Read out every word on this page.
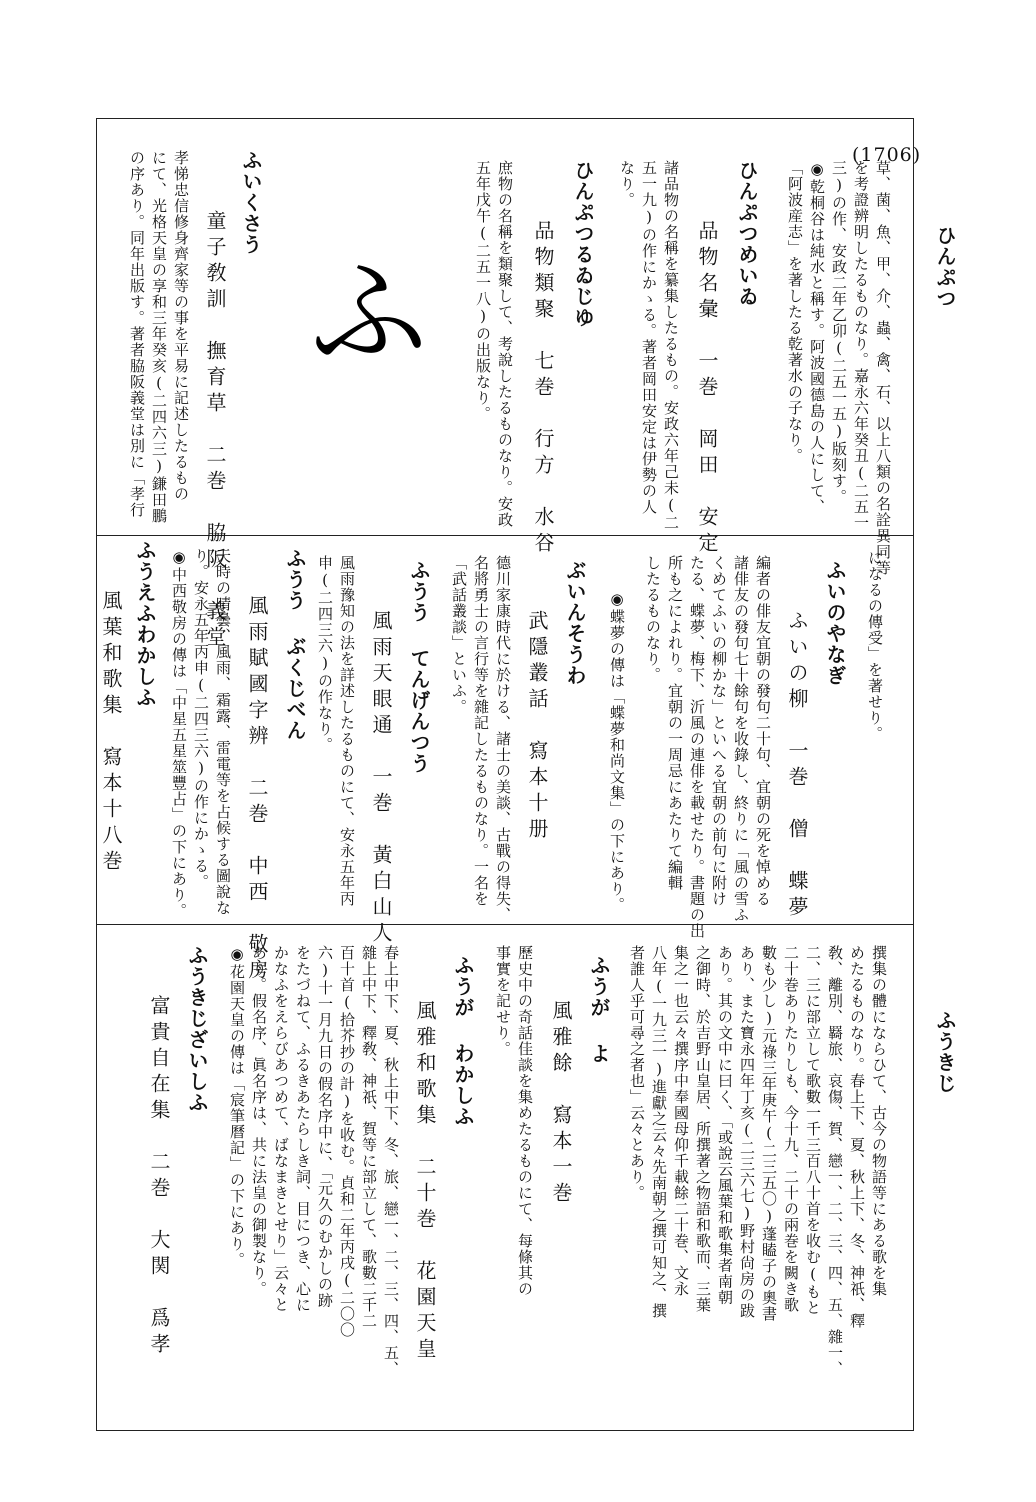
(1706)
ひんぷつ
ふうきじ
ふ	草、菌、魚、甲、介、蟲、禽、石、以上八類の名詮異同等
を考證辨明したるものなり。嘉永六年癸丑(二五一
三)の作、安政二年乙卯(二五一五)版刻す。
◉乾桐谷は純水と稱す。阿波國德島の人にして、
「阿波産志」を著したる乾著水の子なり。
ひんぷつめいゐ
品物名彙　一巻　岡田　安定
諸品物の名稱を纂集したるもの。安政六年己未(二
五一九)の作にかゝる。著者岡田安定は伊勢の人
なり。
ひんぷつるゐじゆ
品物類聚　七巻　行方　水谷
庶物の名稱を類聚して、考說したるものなり。安政
五年戊午(二五一八)の出版なり。
ふいくさう
童子敎訓　撫育草　二巻　脇阪　義堂
孝悌忠信修身齊家等の事を平易に記述したるもの
にて、光格天皇の享和三年癸亥(二四六三)鎌田鵬
の序あり。同年出版す。著者脇阪義堂は別に「孝行
になるの傳受」を著せり。
ふいのやなぎ
ふいの柳　一巻　僧　蝶夢
編者の俳友宜朝の發句二十句、宜朝の死を悼める
諸俳友の發句七十餘句を收錄し、終りに「風の雪ふ
くめてふいの柳かな」といへる宜朝の前句に附け
たる、蝶夢、梅下、沂風の連俳を載せたり。書題の出
所も之によれり。宜朝の一周忌にあたりて編輯
したるものなり。
◉蝶夢の傳は「蝶夢和尚文集」の下にあり。
ぶいんそうわ
武隱叢話　寫本十册
德川家康時代に於ける、諸士の美談、古戰の得失、
名將勇士の言行等を雜記したるものなり。一名を
「武話叢談」といふ。
ふうう てんげんつう
風雨天眼通　一巻　黃白山人
風雨豫知の法を詳述したるものにて、安永五年丙
申(二四三六)の作なり。
ふうう ぶくじべん
風雨賦國字辨　二巻　中西　敬房
天時の晴曇、風雨、霜露、雷電等を占候する圖說な
り。安永五年丙申(二四三六)の作にかゝる。
◉中西敬房の傳は「中星五星筮豐占」の下にあり。
ふうえふわかしふ
風葉和歌集　寫本十八巻
撰集の體にならひて、古今の物語等にある歌を集
めたるものなり。春上下、夏、秋上下、冬、神祇、釋
敎、離別、羇旅、哀傷、賀、戀一、二、三、四、五、雜一、
二、三に部立して歌數一千三百八十首を收む(もと
二十巻ありたりしも、今十九、二十の兩巻を闕き歌
數も少し)元祿三年庚午(二三五〇)蓬瞌子の奧書
あり、また寶永四年丁亥(二三六七)野村尙房の跋
あり。其の文中に曰く、「或說云風葉和歌集者南朝
之御時、於吉野山皇居、所撰著之物語和歌而、三葉
集之一也云々撰序中奉國母仰千載餘二十巻、文永
八年(一九三一)進獻之云々先南朝之撰可知之、撰
者誰人乎可尋之者也」云々とあり。
ふうが よ
風雅餘　寫本一巻
歷史中の奇話佳談を集めたるものにて、每條其の
事實を記せり。
ふうが わかしふ
風雅和歌集　二十巻　花園天皇
春上中下、夏、秋上中下、冬、旅、戀一、二、三、四、五、
雜上中下、釋敎、神祇、賀等に部立して、歌數二千二
百十首(拾芥抄の計)を收む。貞和二年丙戌(二〇〇
六)十一月九日の假名序中に、「元久のむかしの跡
をたづねて、ふるきあたらしき詞、目につき、心に
かなふをえらびあつめて、ばなまきとせり」云々と
あり。假名序、眞名序は、共に法皇の御製なり。
◉花園天皇の傳は「宸筆曆記」の下にあり。
ふうきじざいしふ
富貴自在集　二巻　大関　爲孝
